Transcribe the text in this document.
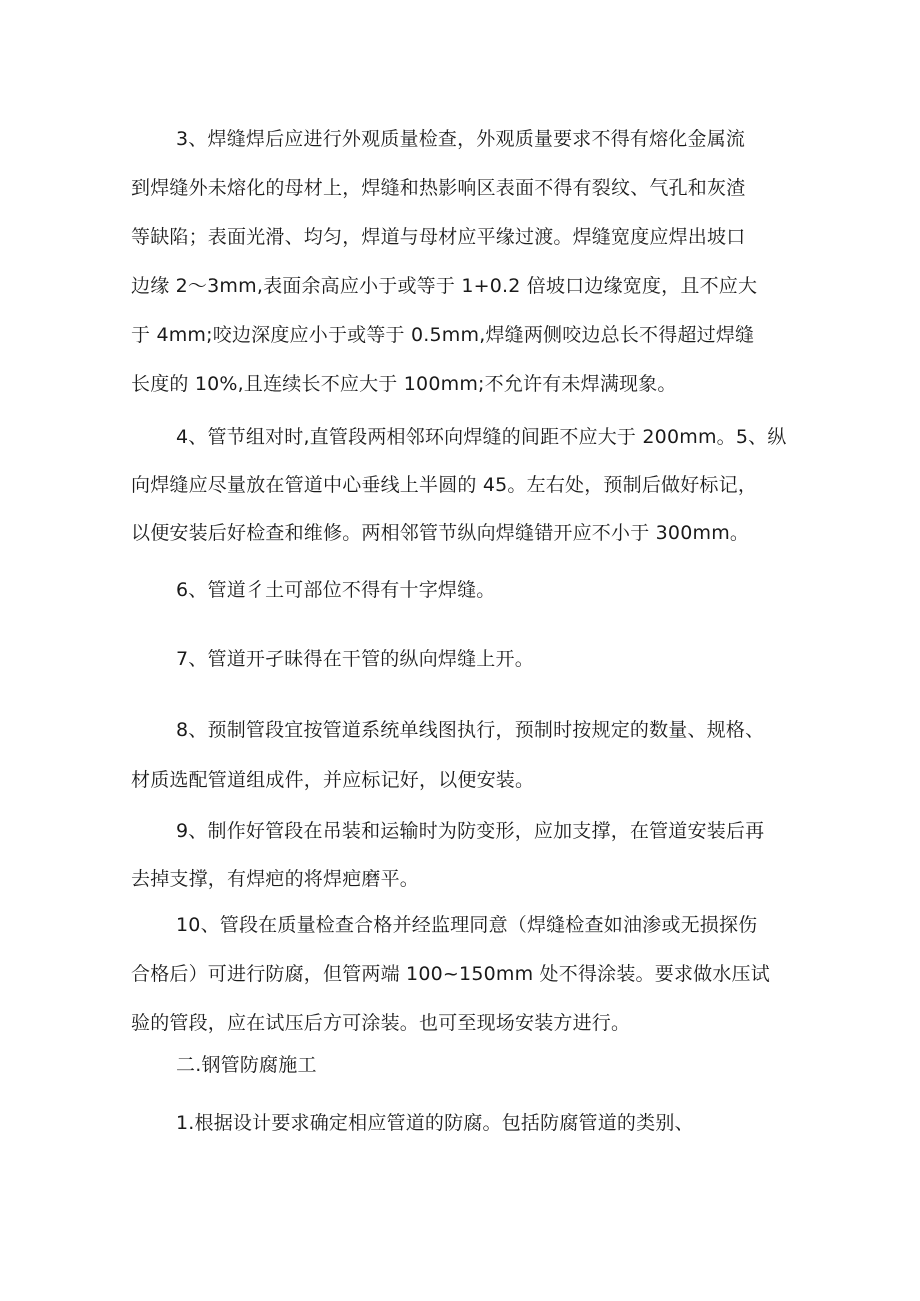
3、焊缝焊后应进行外观质量检查，外观质量要求不得有熔化金属流
到焊缝外未熔化的母材上，焊缝和热影响区表面不得有裂纹、气孔和灰渣
等缺陷；表面光滑、均匀，焊道与母材应平缘过渡。焊缝宽度应焊出坡口
边缘 2～3mm,表面余高应小于或等于 1+0.2 倍坡口边缘宽度，且不应大
于 4mm;咬边深度应小于或等于 0.5mm,焊缝两侧咬边总长不得超过焊缝
长度的 10%,且连续长不应大于 100mm;不允许有未焊满现象。
4、管节组对时,直管段两相邻环向焊缝的间距不应大于 200mm。5、纵
向焊缝应尽量放在管道中心垂线上半圆的 45。左右处，预制后做好标记，
以便安装后好检查和维修。两相邻管节纵向焊缝错开应不小于 300mm。
6、管道彳土可部位不得有十字焊缝。
7、管道开孑昧得在干管的纵向焊缝上开。
8、预制管段宜按管道系统单线图执行，预制时按规定的数量、规格、
材质选配管道组成件，并应标记好，以便安装。
9、制作好管段在吊装和运输时为防变形，应加支撑，在管道安装后再
去掉支撑，有焊疤的将焊疤磨平。
10、管段在质量检查合格并经监理同意（焊缝检查如油渗或无损探伤
合格后）可进行防腐，但管两端 100~150mm 处不得涂装。要求做水压试
验的管段，应在试压后方可涂装。也可至现场安装方进行。
二.钢管防腐施工
1.根据设计要求确定相应管道的防腐。包括防腐管道的类别、
